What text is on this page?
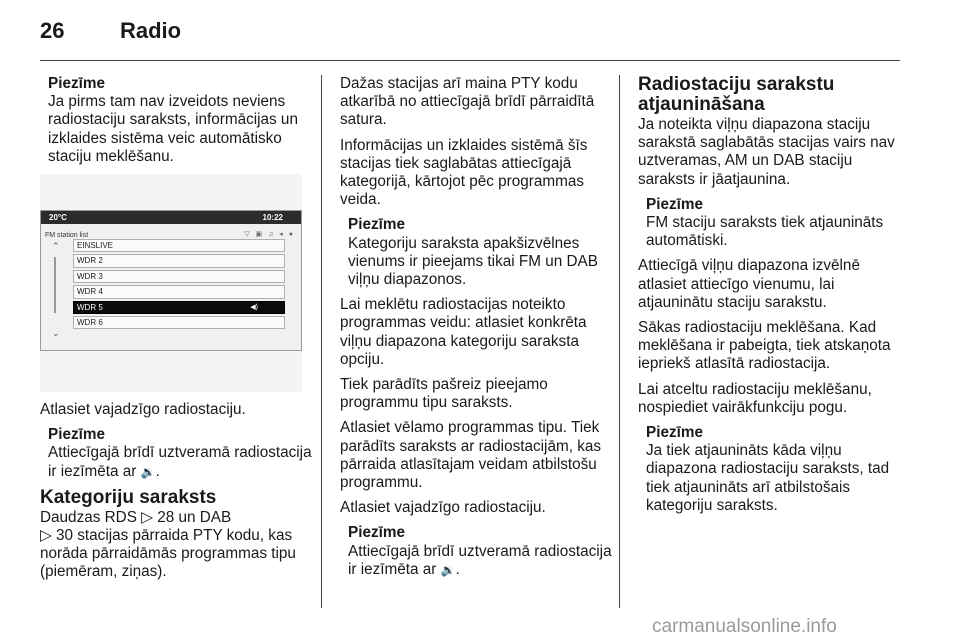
26	Radio
Piezīme
Ja pirms tam nav izveidots neviens radiostaciju saraksts, informācijas un izklaides sistēma veic automātisko staciju meklēšanu.
20°C	10:22
FM station list	▽ ▣ ♫ ◂ ●
⌃
⌄
EINSLIVE
WDR 2
WDR 3
WDR 4
WDR 5	◀)
WDR 6

Atlasiet vajadzīgo radiostaciju.

Piezīme
Attiecīgajā brīdī uztveramā radiostacija ir iezīmēta ar 🔉.
Kategoriju saraksts

Daudzas RDS ▷ 28 un DAB
▷ 30 stacijas pārraida PTY kodu, kas norāda pārraidāmās programmas tipu (piemēram, ziņas).

Dažas stacijas arī maina PTY kodu atkarībā no attiecīgajā brīdī pārraidītā satura.

Informācijas un izklaides sistēmā šīs stacijas tiek saglabātas attiecīgajā kategorijā, kārtojot pēc programmas veida.

Piezīme
Kategoriju saraksta apakšizvēlnes vienums ir pieejams tikai FM un DAB viļņu diapazonos.

Lai meklētu radiostacijas noteikto programmas veidu: atlasiet konkrēta viļņu diapazona kategoriju saraksta opciju.

Tiek parādīts pašreiz pieejamo programmu tipu saraksts.

Atlasiet vēlamo programmas tipu. Tiek parādīts saraksts ar radiostacijām, kas pārraida atlasītajam veidam atbilstošu programmu.

Atlasiet vajadzīgo radiostaciju.

Piezīme
Attiecīgajā brīdī uztveramā radiostacija ir iezīmēta ar 🔉.
Radiostaciju sarakstu atjaunināšana

Ja noteikta viļņu diapazona staciju sarakstā saglabātās stacijas vairs nav uztveramas, AM un DAB staciju saraksts ir jāatjaunina.

Piezīme
FM staciju saraksts tiek atjaunināts automātiski.

Attiecīgā viļņu diapazona izvēlnē atlasiet attiecīgo vienumu, lai atjauninātu staciju sarakstu.

Sākas radiostaciju meklēšana. Kad meklēšana ir pabeigta, tiek atskaņota iepriekš atlasītā radiostacija.

Lai atceltu radiostaciju meklēšanu, nospiediet vairākfunkciju pogu.

Piezīme
Ja tiek atjaunināts kāda viļņu diapazona radiostaciju saraksts, tad tiek atjaunināts arī atbilstošais kategoriju saraksts.
carmanualsonline.info
